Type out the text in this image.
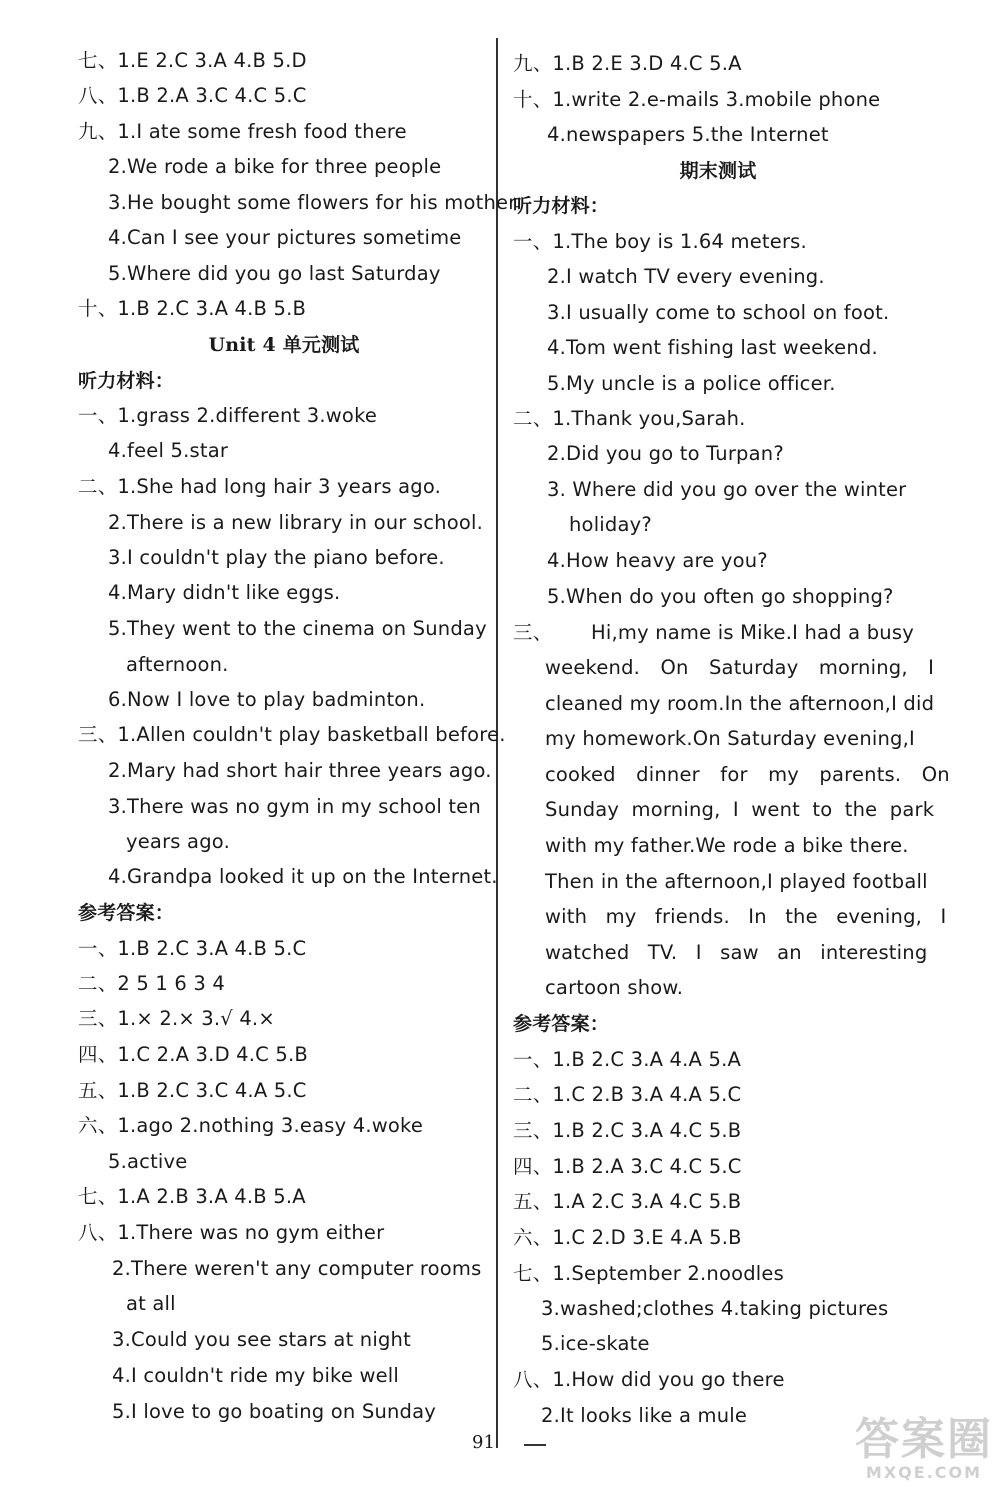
七、1.E 2.C 3.A 4.B 5.D
八、1.B 2.A 3.C 4.C 5.C
九、1.I ate some fresh food there
2.We rode a bike for three people
3.He bought some flowers for his mother
4.Can I see your pictures sometime
5.Where did you go last Saturday
十、1.B 2.C 3.A 4.B 5.B
Unit 4 单元测试
听力材料：
一、1.grass 2.different 3.woke
4.feel 5.star
二、1.She had long hair 3 years ago.
2.There is a new library in our school.
3.I couldn't play the piano before.
4.Mary didn't like eggs.
5.They went to the cinema on Sunday
afternoon.
6.Now I love to play badminton.
三、1.Allen couldn't play basketball before.
2.Mary had short hair three years ago.
3.There was no gym in my school ten
years ago.
4.Grandpa looked it up on the Internet.
参考答案：
一、1.B 2.C 3.A 4.B 5.C
二、2 5 1 6 3 4
三、1.× 2.× 3.√ 4.×
四、1.C 2.A 3.D 4.C 5.B
五、1.B 2.C 3.C 4.A 5.C
六、1.ago 2.nothing 3.easy 4.woke
5.active
七、1.A 2.B 3.A 4.B 5.A
八、1.There was no gym either
2.There weren't any computer rooms
at all
3.Could you see stars at night
4.I couldn't ride my bike well
5.I love to go boating on Sunday
九、1.B 2.E 3.D 4.C 5.A
十、1.write 2.e-mails 3.mobile phone
4.newspapers 5.the Internet
期末测试
听力材料：
一、1.The boy is 1.64 meters.
2.I watch TV every evening.
3.I usually come to school on foot.
4.Tom went fishing last weekend.
5.My uncle is a police officer.
二、1.Thank you,Sarah.
2.Did you go to Turpan?
3. Where did you go over the winter
holiday?
4.How heavy are you?
5.When do you often go shopping?
三、 Hi,my name is Mike.I had a busy
weekend. On Saturday morning, I
cleaned my room.In the afternoon,I did
my homework.On Saturday evening,I
cooked dinner for my parents. On
Sunday morning, I went to the park
with my father.We rode a bike there.
Then in the afternoon,I played football
with my friends. In the evening, I
watched TV. I saw an interesting
cartoon show.
参考答案：
一、1.B 2.C 3.A 4.A 5.A
二、1.C 2.B 3.A 4.A 5.C
三、1.B 2.C 3.A 4.C 5.B
四、1.B 2.A 3.C 4.C 5.C
五、1.A 2.C 3.A 4.C 5.B
六、1.C 2.D 3.E 4.A 5.B
七、1.September 2.noodles
3.washed;clothes 4.taking pictures
5.ice-skate
八、1.How did you go there
2.It looks like a mule
91	答案圈
MXQE.COM
